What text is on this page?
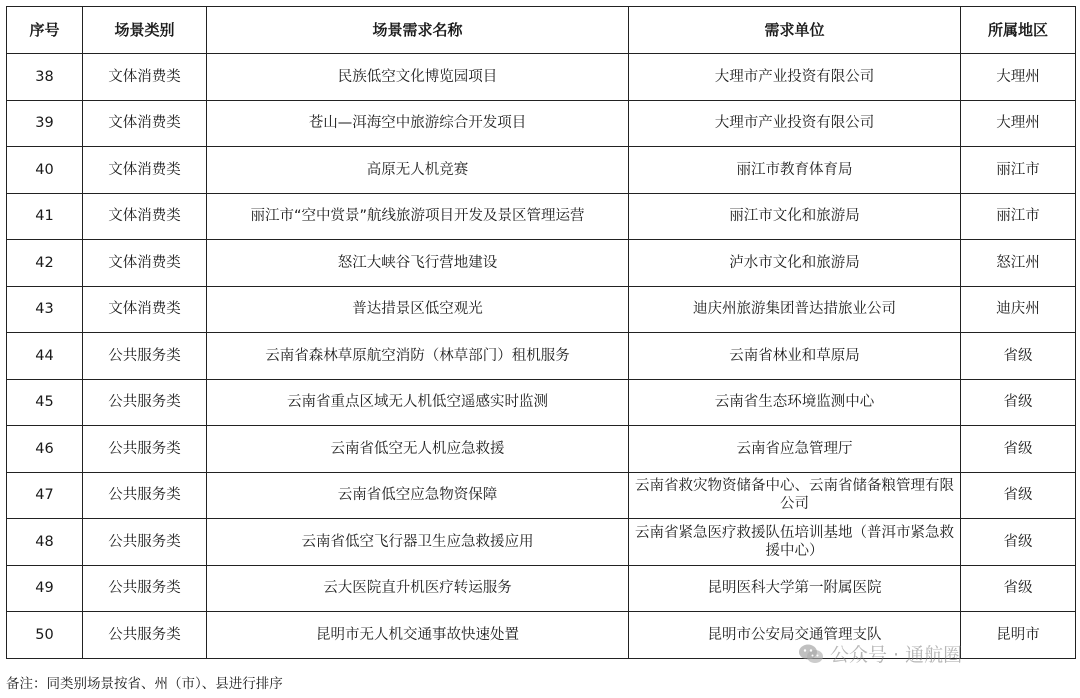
序号	场景类别	场景需求名称	需求单位	所属地区
38	文体消费类	民族低空文化博览园项目	大理市产业投资有限公司	大理州
39	文体消费类	苍山—洱海空中旅游综合开发项目	大理市产业投资有限公司	大理州
40	文体消费类	高原无人机竞赛	丽江市教育体育局	丽江市
41	文体消费类	丽江市“空中赏景”航线旅游项目开发及景区管理运营	丽江市文化和旅游局	丽江市
42	文体消费类	怒江大峡谷飞行营地建设	泸水市文化和旅游局	怒江州
43	文体消费类	普达措景区低空观光	迪庆州旅游集团普达措旅业公司	迪庆州
44	公共服务类	云南省森林草原航空消防（林草部门）租机服务	云南省林业和草原局	省级
45	公共服务类	云南省重点区域无人机低空遥感实时监测	云南省生态环境监测中心	省级
46	公共服务类	云南省低空无人机应急救援	云南省应急管理厅	省级
47	公共服务类	云南省低空应急物资保障	云南省救灾物资储备中心、云南省储备粮管理有限公司	省级
48	公共服务类	云南省低空飞行器卫生应急救援应用	云南省紧急医疗救援队伍培训基地（普洱市紧急救援中心）	省级
49	公共服务类	云大医院直升机医疗转运服务	昆明医科大学第一附属医院	省级
50	公共服务类	昆明市无人机交通事故快速处置	昆明市公安局交通管理支队	昆明市
备注：同类别场景按省、州（市）、县进行排序
公众号 · 通航圈
